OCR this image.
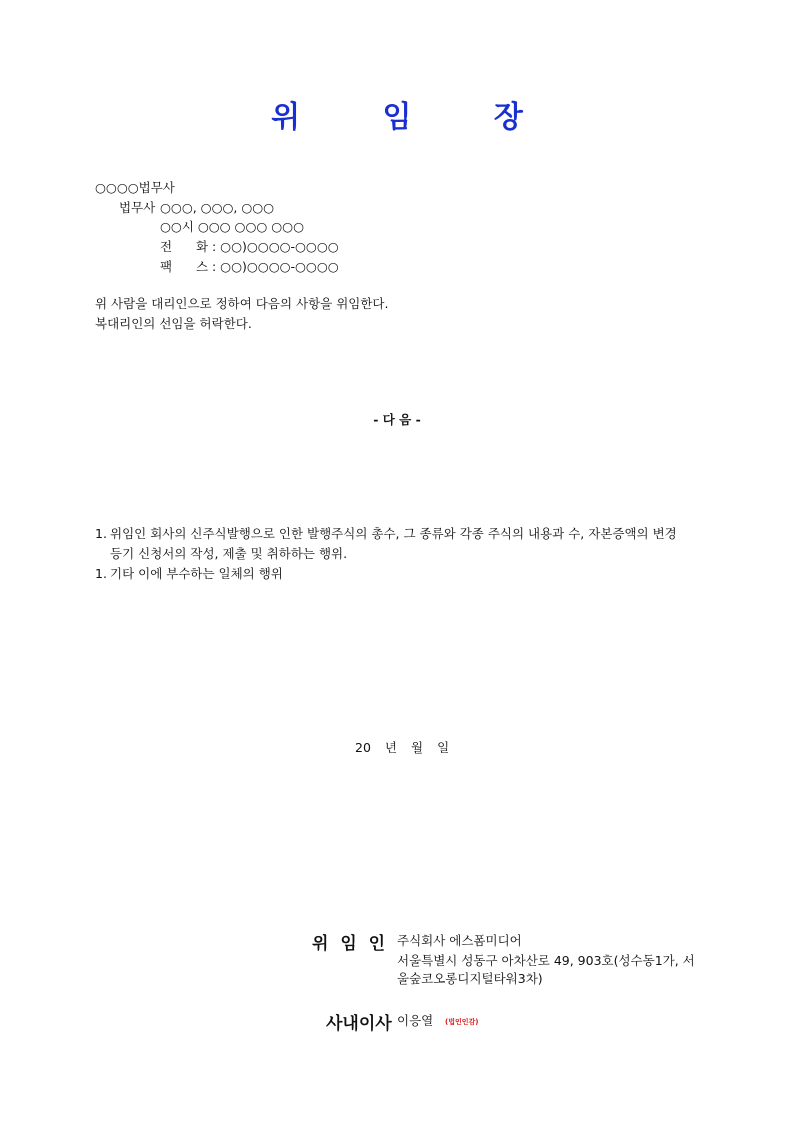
위 임 장
○○○○법무사
법무사 ○○○, ○○○, ○○○
○○시 ○○○ ○○○ ○○○
전 화 : ○○)○○○○-○○○○
팩 스 : ○○)○○○○-○○○○
위 사람을 대리인으로 정하여 다음의 사항을 위임한다.
복대리인의 선임을 허락한다.
- 다 음 -
1. 위임인 회사의 신주식발행으로 인한 발행주식의 총수, 그 종류와 각종 주식의 내용과 수, 자본증액의 변경
등기 신청서의 작성, 제출 및 취하하는 행위.
1. 기타 이에 부수하는 일체의 행위
20 년 월 일
위 임 인 주식회사 에스폼미디어
서울특별시 성동구 아차산로 49, 903호(성수동1가, 서
울숲코오롱디지털타워3차)
사내이사 이응열 (법인인감)
